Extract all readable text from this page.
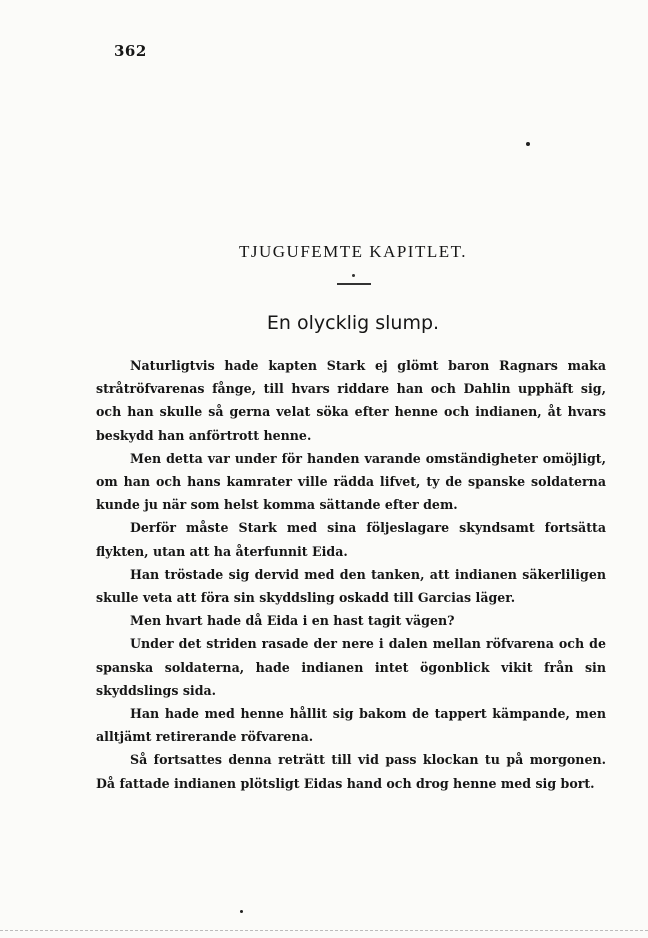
362
TJUGUFEMTE KAPITLET.
En olycklig slump.

Naturligtvis hade kapten Stark ej glömt baron Ragnars maka stråtröfvarenas fånge, till hvars riddare han och Dahlin upphäft sig, och han skulle så gerna velat söka efter henne och indianen, åt hvars beskydd han anförtrott henne.

Men detta var under för handen varande omständigheter omöjligt, om han och hans kamrater ville rädda lifvet, ty de spanske soldaterna kunde ju när som helst komma sättande efter dem.

Derför måste Stark med sina följeslagare skyndsamt fortsätta flykten, utan att ha återfunnit Eida.

Han tröstade sig dervid med den tanken, att indianen säkerliligen skulle veta att föra sin skyddsling oskadd till Garcias läger.

Men hvart hade då Eida i en hast tagit vägen?

Under det striden rasade der nere i dalen mellan röfvarena och de spanska soldaterna, hade indianen intet ögonblick vikit från sin skyddslings sida.

Han hade med henne hållit sig bakom de tappert kämpande, men alltjämt retirerande röfvarena.

Så fortsattes denna reträtt till vid pass klockan tu på morgonen. Då fattade indianen plötsligt Eidas hand och drog henne med sig bort.
